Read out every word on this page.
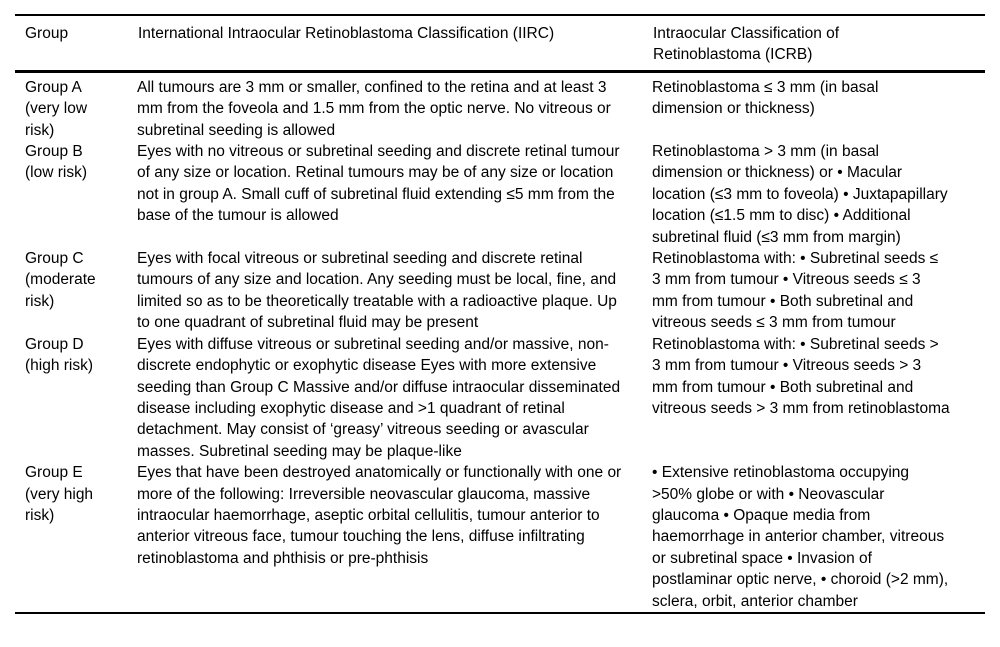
Group	International Intraocular Retinoblastoma Classification (IIRC)	Intraocular Classification of Retinoblastoma (ICRB)
Group A (very low risk)	All tumours are 3 mm or smaller, confined to the retina and at least 3 mm from the foveola and 1.5 mm from the optic nerve. No vitreous or subretinal seeding is allowed	Retinoblastoma ≤ 3 mm (in basal dimension or thickness)
Group B (low risk)	Eyes with no vitreous or subretinal seeding and discrete retinal tumour of any size or location. Retinal tumours may be of any size or location not in group A. Small cuff of subretinal fluid extending ≤5 mm from the base of the tumour is allowed	Retinoblastoma > 3 mm (in basal dimension or thickness) or • Macular location (≤3 mm to foveola) • Juxtapapillary location (≤1.5 mm to disc) • Additional subretinal fluid (≤3 mm from margin)
Group C (moderate risk)	Eyes with focal vitreous or subretinal seeding and discrete retinal tumours of any size and location. Any seeding must be local, fine, and limited so as to be theoretically treatable with a radioactive plaque. Up to one quadrant of subretinal fluid may be present	Retinoblastoma with: • Subretinal seeds ≤ 3 mm from tumour • Vitreous seeds ≤ 3 mm from tumour • Both subretinal and vitreous seeds ≤ 3 mm from tumour
Group D (high risk)	Eyes with diffuse vitreous or subretinal seeding and/or massive, non-discrete endophytic or exophytic disease Eyes with more extensive seeding than Group C Massive and/or diffuse intraocular disseminated disease including exophytic disease and >1 quadrant of retinal detachment. May consist of ‘greasy’ vitreous seeding or avascular masses. Subretinal seeding may be plaque-like	Retinoblastoma with: • Subretinal seeds > 3 mm from tumour • Vitreous seeds > 3 mm from tumour • Both subretinal and vitreous seeds > 3 mm from retinoblastoma
Group E (very high risk)	Eyes that have been destroyed anatomically or functionally with one or more of the following: Irreversible neovascular glaucoma, massive intraocular haemorrhage, aseptic orbital cellulitis, tumour anterior to anterior vitreous face, tumour touching the lens, diffuse infiltrating retinoblastoma and phthisis or pre-phthisis	• Extensive retinoblastoma occupying >50% globe or with • Neovascular glaucoma • Opaque media from haemorrhage in anterior chamber, vitreous or subretinal space • Invasion of postlaminar optic nerve, • choroid (>2 mm), sclera, orbit, anterior chamber
